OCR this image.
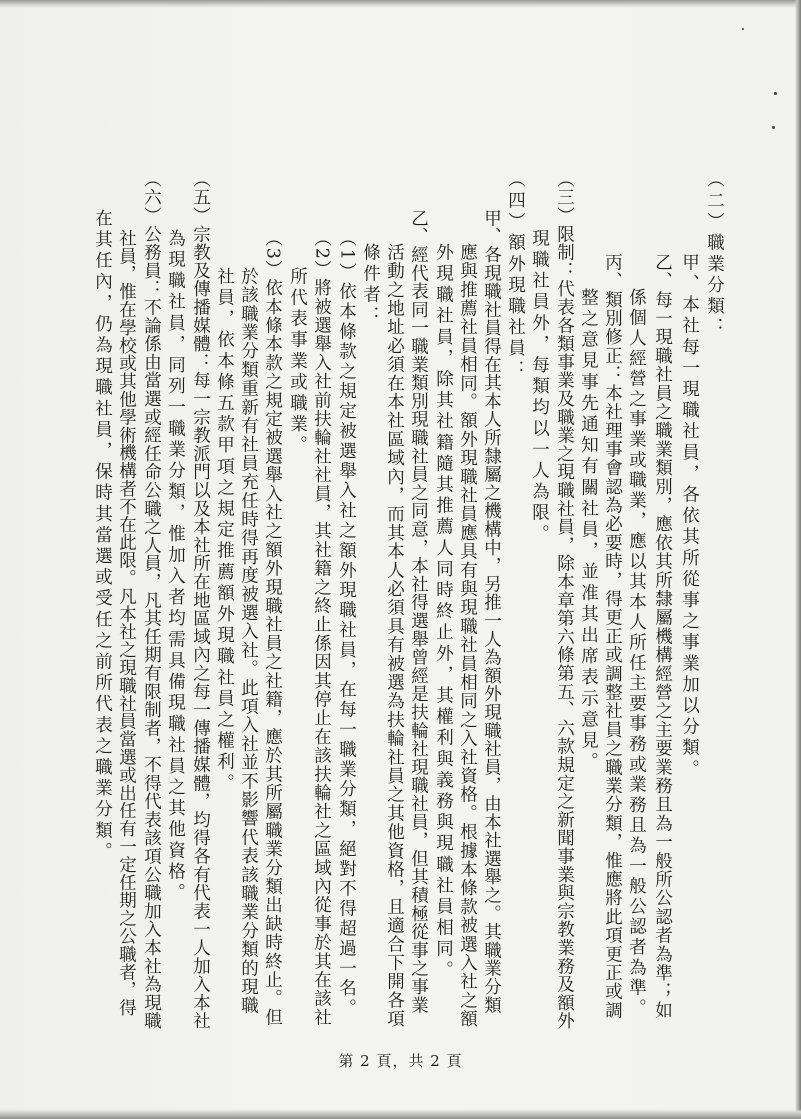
（二）職業分類：
甲、本社每一現職社員，各依其所從事之事業加以分類。
乙、每一現職社員之職業類別，應依其所隸屬機構經營之主要業務且為一般所公認者為準；如
係個人經營之事業或職業，應以其本人所任主要事務或業務且為一般公認者為準。
丙、類別修正：本社理事會認為必要時，得更正或調整社員之職業分類，惟應將此項更正或調
整之意見事先通知有關社員，並准其出席表示意見。
（三）限制：代表各類事業及職業之現職社員，除本章第六條第五、六款規定之新聞事業與宗教業務及額外
現職社員外，每類均以一人為限。
（四）額外現職社員：
甲、各現職社員得在其本人所隸屬之機構中，另推一人為額外現職社員，由本社選舉之。其職業分類
應與推薦社員相同。額外現職社員應具有與現職社員相同之入社資格。根據本條款被選入社之額
外現職社員，除其社籍隨其推薦人同時終止外，其權利與義務與現職社員相同。
乙、經代表同一職業類別現職社員之同意，本社得選舉曾經是扶輪社現職社員，但其積極從事之事業
活動之地址必須在本社區域內，而其本人必須具有被選為扶輪社員之其他資格，且適合下開各項
條件者：
（1）依本條款之規定被選舉入社之額外現職社員，在每一職業分類，絕對不得超過一名。
（2）將被選舉入社前扶輪社社員，其社籍之終止係因其停止在該扶輪社之區域內從事於其在該社
所代表事業或職業。
（3）依本條本款之規定被選舉入社之額外現職社員之社籍，應於其所屬職業分類出缺時終止。但
於該職業分類重新有社員充任時得再度被選入社。此項入社並不影響代表該職業分類的現職
社員，依本條五款甲項之規定推薦額外現職社員之權利。
（五）宗教及傳播媒體：每一宗教派門以及本社所在地區域內之每一傳播媒體，均得各有代表一人加入本社
為現職社員，同列一職業分類，惟加入者均需具備現職社員之其他資格。
（六）公務員：不論係由當選或經任命公職之人員，凡其任期有限制者，不得代表該項公職加入本社為現職
社員，惟在學校或其他學術機構者不在此限。凡本社之現職社員當選或出任有一定任期之公職者，得
在其任內，仍為現職社員，保時其當選或受任之前所代表之職業分類。
第 2 頁，共 2 頁
